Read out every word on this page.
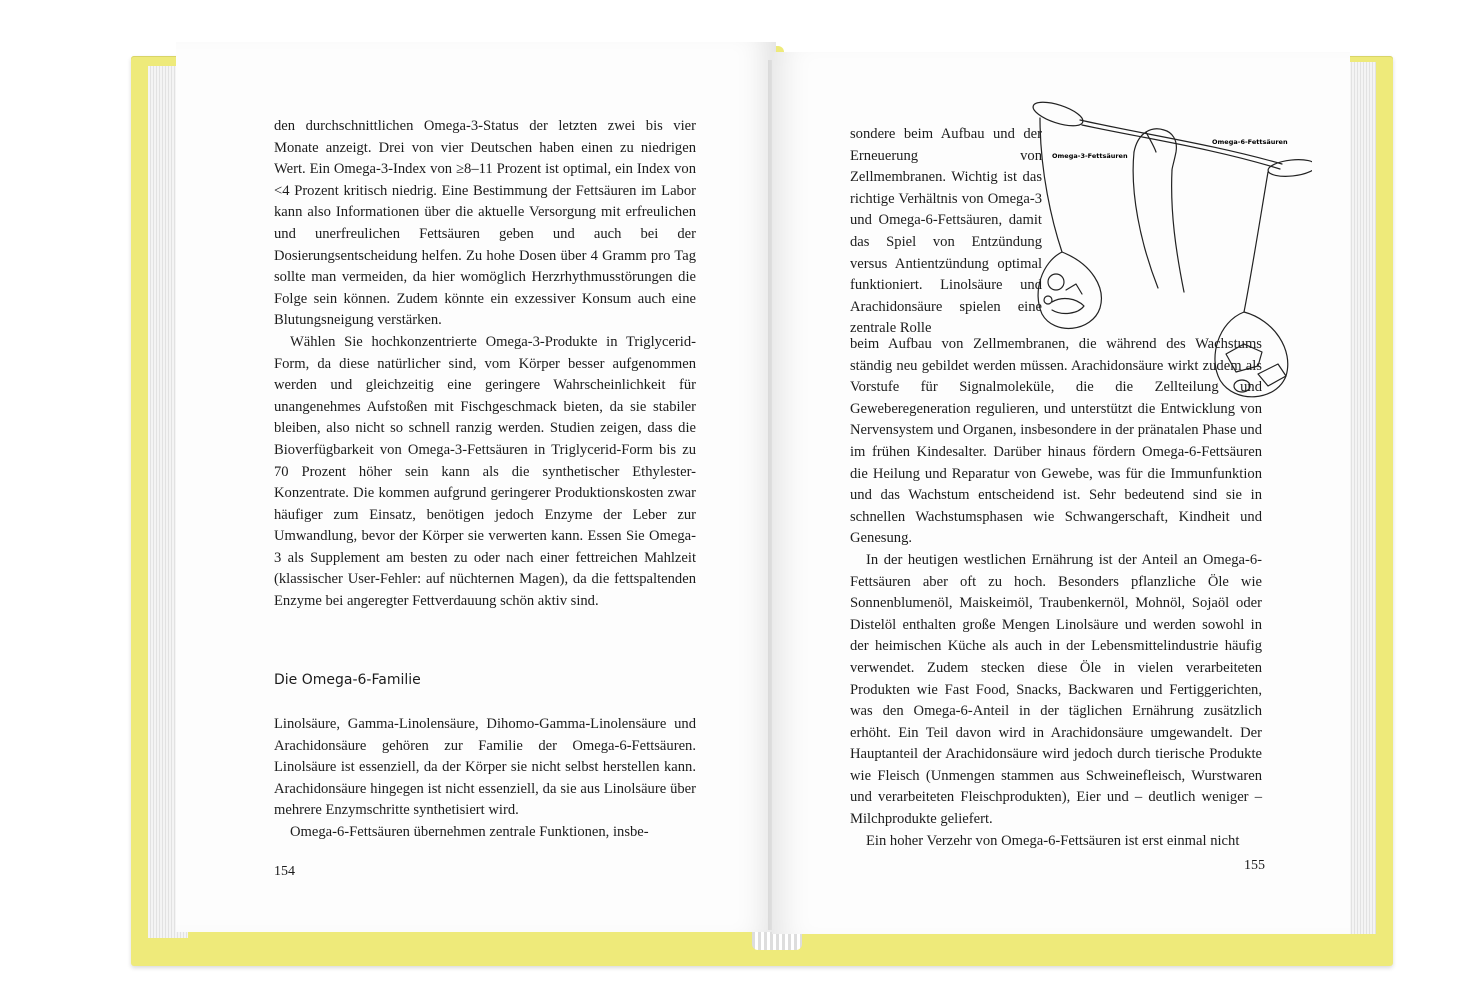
den durchschnittlichen Omega-3-Status der letzten zwei bis vier Monate anzeigt. Drei von vier Deutschen haben einen zu niedrigen Wert. Ein Omega-3-Index von ≥8–11 Prozent ist optimal, ein Index von <4 Prozent kritisch niedrig. Eine Bestimmung der Fettsäuren im Labor kann also Informationen über die aktuelle Versorgung mit erfreulichen und unerfreulichen Fettsäuren geben und auch bei der Dosierungsentscheidung helfen. Zu hohe Dosen über 4 Gramm pro Tag sollte man vermeiden, da hier womöglich Herzrhythmusstörungen die Folge sein können. Zudem könnte ein exzessiver Konsum auch eine Blutungsneigung verstärken.

Wählen Sie hochkonzentrierte Omega-3-Produkte in Triglycerid-Form, da diese natürlicher sind, vom Körper besser aufgenommen werden und gleichzeitig eine geringere Wahrscheinlichkeit für unangenehmes Aufstoßen mit Fischgeschmack bieten, da sie stabiler bleiben, also nicht so schnell ranzig werden. Studien zeigen, dass die Bioverfügbarkeit von Omega-3-Fettsäuren in Triglycerid-Form bis zu 70 Prozent höher sein kann als die synthetischer Ethylester-Konzentrate. Die kommen aufgrund geringerer Produktionskosten zwar häufiger zum Einsatz, benötigen jedoch Enzyme der Leber zur Umwandlung, bevor der Körper sie verwerten kann. Essen Sie Omega-3 als Supplement am besten zu oder nach einer fettreichen Mahlzeit (klassischer User-Fehler: auf nüchternen Magen), da die fettspaltenden Enzyme bei angeregter Fettverdauung schön aktiv sind.

Die Omega-6-Familie

Linolsäure, Gamma-Linolensäure, Dihomo-Gamma-Linolensäure und Arachidonsäure gehören zur Familie der Omega-6-Fettsäuren. Linolsäure ist essenziell, da der Körper sie nicht selbst herstellen kann. Arachidonsäure hingegen ist nicht essenziell, da sie aus Linolsäure über mehrere Enzymschritte synthetisiert wird.

Omega-6-Fettsäuren übernehmen zentrale Funktionen, insbe-

154

sondere beim Aufbau und der Erneuerung von Zellmembranen. Wichtig ist das richtige Verhältnis von Omega-3 und Omega-6-Fettsäuren, damit das Spiel von Entzündung versus Antientzündung optimal funktioniert. Linolsäure und Arachidonsäure spielen eine zentrale Rolle

Omega-3-Fettsäuren
Omega-6-Fettsäuren

beim Aufbau von Zellmembranen, die während des Wachstums ständig neu gebildet werden müssen. Arachidonsäure wirkt zudem als Vorstufe für Signalmoleküle, die die Zellteilung und Geweberegeneration regulieren, und unterstützt die Entwicklung von Nervensystem und Organen, insbesondere in der pränatalen Phase und im frühen Kindesalter. Darüber hinaus fördern Omega-6-Fettsäuren die Heilung und Reparatur von Gewebe, was für die Immunfunktion und das Wachstum entscheidend ist. Sehr bedeutend sind sie in schnellen Wachstumsphasen wie Schwangerschaft, Kindheit und Genesung.

In der heutigen westlichen Ernährung ist der Anteil an Omega-6-Fettsäuren aber oft zu hoch. Besonders pflanzliche Öle wie Sonnenblumenöl, Maiskeimöl, Traubenkernöl, Mohnöl, Sojaöl oder Distelöl enthalten große Mengen Linolsäure und werden sowohl in der heimischen Küche als auch in der Lebensmittelindustrie häufig verwendet. Zudem stecken diese Öle in vielen verarbeiteten Produkten wie Fast Food, Snacks, Backwaren und Fertiggerichten, was den Omega-6-Anteil in der täglichen Ernährung zusätzlich erhöht. Ein Teil davon wird in Arachidonsäure umgewandelt. Der Hauptanteil der Arachidonsäure wird jedoch durch tierische Produkte wie Fleisch (Unmengen stammen aus Schweinefleisch, Wurstwaren und verarbeiteten Fleischprodukten), Eier und – deutlich weniger – Milchprodukte geliefert.

Ein hoher Verzehr von Omega-6-Fettsäuren ist erst einmal nicht

155
